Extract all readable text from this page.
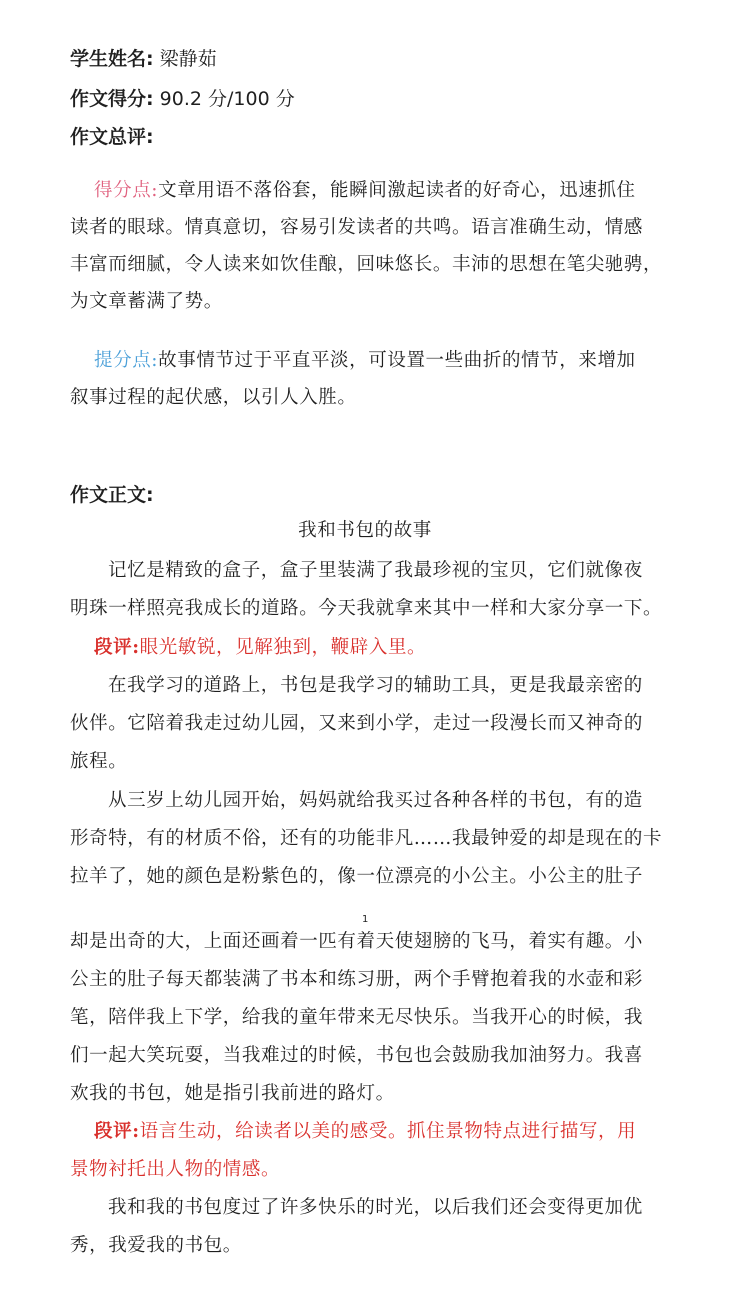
学生姓名: 梁静茹
作文得分: 90.2 分/100 分
作文总评:
得分点:文章用语不落俗套，能瞬间激起读者的好奇心，迅速抓住
读者的眼球。情真意切，容易引发读者的共鸣。语言准确生动，情感
丰富而细腻，令人读来如饮佳酿，回味悠长。丰沛的思想在笔尖驰骋，
为文章蓄满了势。
提分点:故事情节过于平直平淡，可设置一些曲折的情节，来增加
叙事过程的起伏感，以引人入胜。
作文正文:
我和书包的故事
记忆是精致的盒子，盒子里装满了我最珍视的宝贝，它们就像夜
明珠一样照亮我成长的道路。今天我就拿来其中一样和大家分享一下。
段评:眼光敏锐，见解独到，鞭辟入里。
在我学习的道路上，书包是我学习的辅助工具，更是我最亲密的
伙伴。它陪着我走过幼儿园，又来到小学，走过一段漫长而又神奇的
旅程。
从三岁上幼儿园开始，妈妈就给我买过各种各样的书包，有的造
形奇特，有的材质不俗，还有的功能非凡……我最钟爱的却是现在的卡
拉羊了，她的颜色是粉紫色的，像一位漂亮的小公主。小公主的肚子
1
却是出奇的大，上面还画着一匹有着天使翅膀的飞马，着实有趣。小
公主的肚子每天都装满了书本和练习册，两个手臂抱着我的水壶和彩
笔，陪伴我上下学，给我的童年带来无尽快乐。当我开心的时候，我
们一起大笑玩耍，当我难过的时候，书包也会鼓励我加油努力。我喜
欢我的书包，她是指引我前进的路灯。
段评:语言生动，给读者以美的感受。抓住景物特点进行描写，用
景物衬托出人物的情感。
我和我的书包度过了许多快乐的时光，以后我们还会变得更加优
秀，我爱我的书包。
